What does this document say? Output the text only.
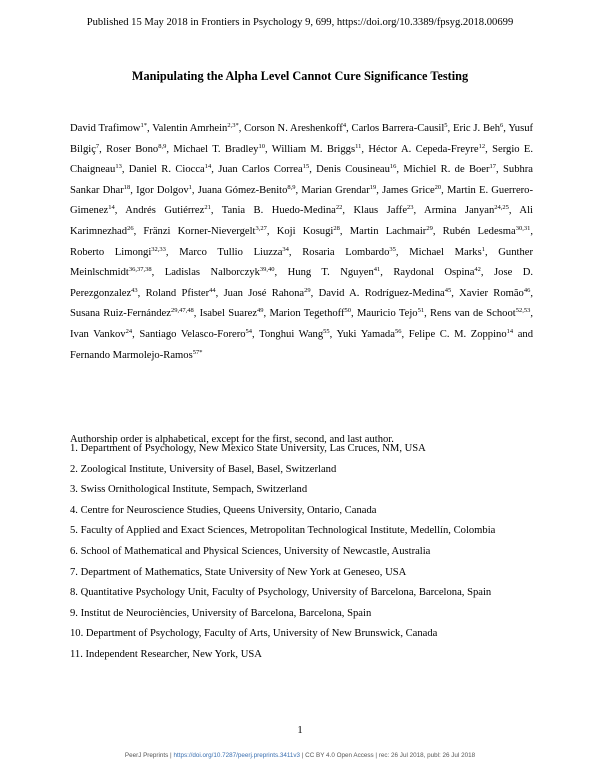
Published 15 May 2018 in Frontiers in Psychology 9, 699, https://doi.org/10.3389/fpsyg.2018.00699
Manipulating the Alpha Level Cannot Cure Significance Testing
David Trafimow$^{1*}$, Valentin Amrhein$^{2,3*}$, Corson N. Areshenkoff$^4$, Carlos Barrera-Causil$^5$, Eric J. Beh$^6$, Yusuf Bilgiç$^7$, Roser Bono$^{8,9}$, Michael T. Bradley$^{10}$, William M. Briggs$^{11}$, Héctor A. Cepeda-Freyre$^{12}$, Sergio E. Chaigneau$^{13}$, Daniel R. Ciocca$^{14}$, Juan Carlos Correa$^{15}$, Denis Cousineau$^{16}$, Michiel R. de Boer$^{17}$, Subhra Sankar Dhar$^{18}$, Igor Dolgov$^1$, Juana Gómez-Benito$^{8,9}$, Marian Grendar$^{19}$, James Grice$^{20}$, Martin E. Guerrero-Gimenez$^{14}$, Andrés Gutiérrez$^{21}$, Tania B. Huedo-Medina$^{22}$, Klaus Jaffe$^{23}$, Armina Janyan$^{24,25}$, Ali Karimnezhad$^{26}$, Fränzi Korner-Nievergelt$^{3,27}$, Koji Kosugi$^{28}$, Martin Lachmair$^{29}$, Rubén Ledesma$^{30,31}$, Roberto Limongi$^{32,33}$, Marco Tullio Liuzza$^{34}$, Rosaria Lombardo$^{35}$, Michael Marks$^1$, Gunther Meinlschmidt$^{36,37,38}$, Ladislas Nalborczyk$^{39,40}$, Hung T. Nguyen$^{41}$, Raydonal Ospina$^{42}$, Jose D. Perezgonzalez$^{43}$, Roland Pfister$^{44}$, Juan José Rahona$^{29}$, David A. Rodríguez-Medina$^{45}$, Xavier Romão$^{46}$, Susana Ruiz-Fernández$^{29,47,48}$, Isabel Suarez$^{49}$, Marion Tegethoff$^{50}$, Mauricio Tejo$^{51}$, Rens van de Schoot$^{52,53}$, Ivan Vankov$^{24}$, Santiago Velasco-Forero$^{54}$, Tonghui Wang$^{55}$, Yuki Yamada$^{56}$, Felipe C. M. Zoppino$^{14}$ and Fernando Marmolejo-Ramos$^{57*}$
Authorship order is alphabetical, except for the first, second, and last author.
1. Department of Psychology, New Mexico State University, Las Cruces, NM, USA
2. Zoological Institute, University of Basel, Basel, Switzerland
3. Swiss Ornithological Institute, Sempach, Switzerland
4. Centre for Neuroscience Studies, Queens University, Ontario, Canada
5. Faculty of Applied and Exact Sciences, Metropolitan Technological Institute, Medellín, Colombia
6. School of Mathematical and Physical Sciences, University of Newcastle, Australia
7. Department of Mathematics, State University of New York at Geneseo, USA
8. Quantitative Psychology Unit, Faculty of Psychology, University of Barcelona, Barcelona, Spain
9. Institut de Neurociències, University of Barcelona, Barcelona, Spain
10. Department of Psychology, Faculty of Arts, University of New Brunswick, Canada
11. Independent Researcher, New York, USA
1
PeerJ Preprints | https://doi.org/10.7287/peerj.preprints.3411v3 | CC BY 4.0 Open Access | rec: 26 Jul 2018, publ: 26 Jul 2018
